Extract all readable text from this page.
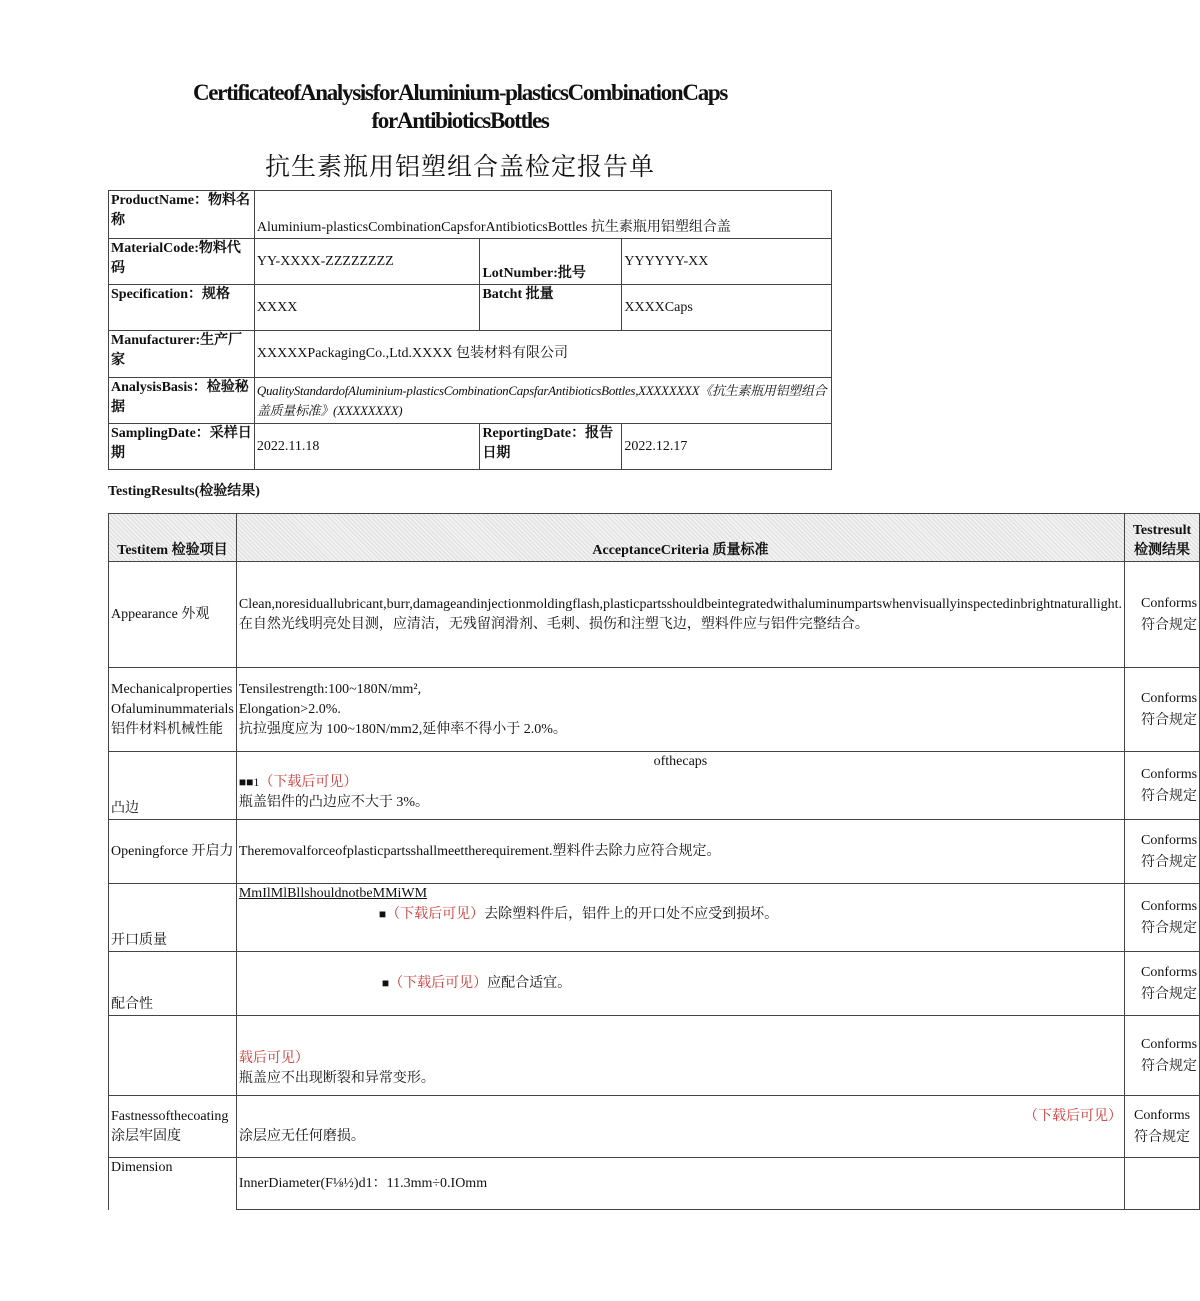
CertificateofAnalysisforAluminium-plasticsCombinationCaps
forAntibioticsBottles
抗生素瓶用铝塑组合盖检定报告单
ProductName：物料名称	Aluminium-plasticsCombinationCapsforAntibioticsBottles 抗生素瓶用铝塑组合盖		
MaterialCode:物料代码	YY-XXXX-ZZZZZZZZ	LotNumber:批号	YYYYYY-XX
Specification：规格	XXXX	Batcht 批量	XXXXCaps
Manufacturer:生产厂家	XXXXXPackagingCo.,Ltd.XXXX 包装材料有限公司		
AnalysisBasis：检验秘据	QualityStandardofAluminium-plasticsCombinationCapsfarAntibioticsBottles,XXXXXXXX《抗生素瓶用铝塑组合盖质量标准》(XXXXXXXX)		
SamplingDate：采样日期	2022.11.18	ReportingDate：报告日期	2022.12.17
TestingResults(检验结果)
Testitem 检验项目	AcceptanceCriteria 质量标准	Testresult 检测结果
Appearance 外观	Clean,noresiduallubricant,burr,damageandinjectionmoldingflash,plasticpartsshouldbeintegratedwithaluminumpartswhenvisuallyinspectedinbrightnaturallight.
在自然光线明亮处目测，应清洁，无残留润滑剂、毛刺、损伤和注塑飞边，塑料件应与铝件完整结合。	Conforms 符合规定
Mechanicalproperties Ofaluminummaterials 铝件材料机械性能	Tensilestrength:100~180N/mm²,
Elongation>2.0%.
抗拉强度应为 100~180N/mm2,延伸率不得小于 2.0%。	Conforms 符合规定
凸边	ofthecaps
■■1（下载后可见）
瓶盖铝件的凸边应不大于 3%。	Conforms 符合规定
Openingforce 开启力	Theremovalforceofplasticpartsshallmeettherequirement.塑料件去除力应符合规定。	Conforms 符合规定
开口质量	MmIlMlBllshouldnotbeMMiWM
■（下载后可见）去除塑料件后，铝件上的开口处不应受到损坏。	Conforms 符合规定
配合性	■（下载后可见）应配合适宜。	Conforms 符合规定
	载后可见）
瓶盖应不出现断裂和异常变形。	Conforms 符合规定
Fastnessofthecoating 涂层牢固度	（下载后可见）
涂层应无任何磨损。	Conforms 符合规定
Dimension	InnerDiameter(F⅛½)d1：11.3mm÷0.IOmm	
